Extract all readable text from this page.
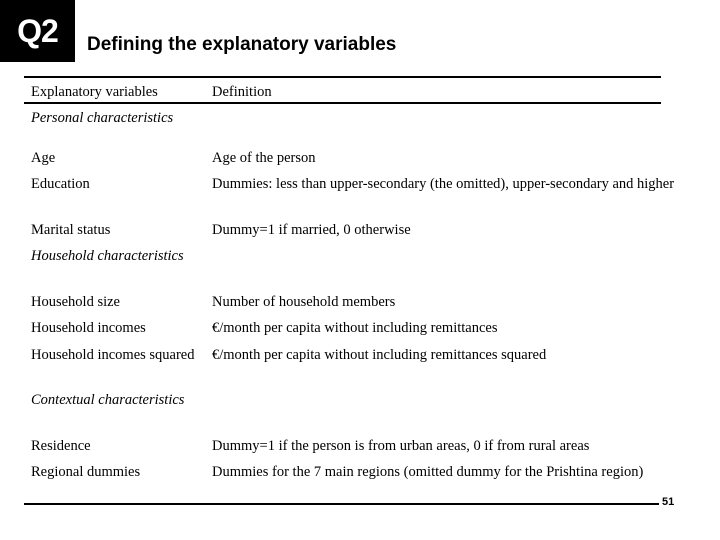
Q2	Defining the explanatory variables
Explanatory variables	Definition
Personal characteristics
Age	Age of the person
Education	Dummies: less than upper-secondary (the omitted), upper-secondary and higher
Marital status	Dummy=1 if married, 0 otherwise
Household characteristics
Household size	Number of household members
Household incomes	€/month per capita without including remittances
Household incomes squared	€/month per capita without including remittances squared
Contextual characteristics
Residence	Dummy=1 if the person is from urban areas, 0 if from rural areas
Regional dummies	Dummies for the 7 main regions (omitted dummy for the Prishtina region)
51
